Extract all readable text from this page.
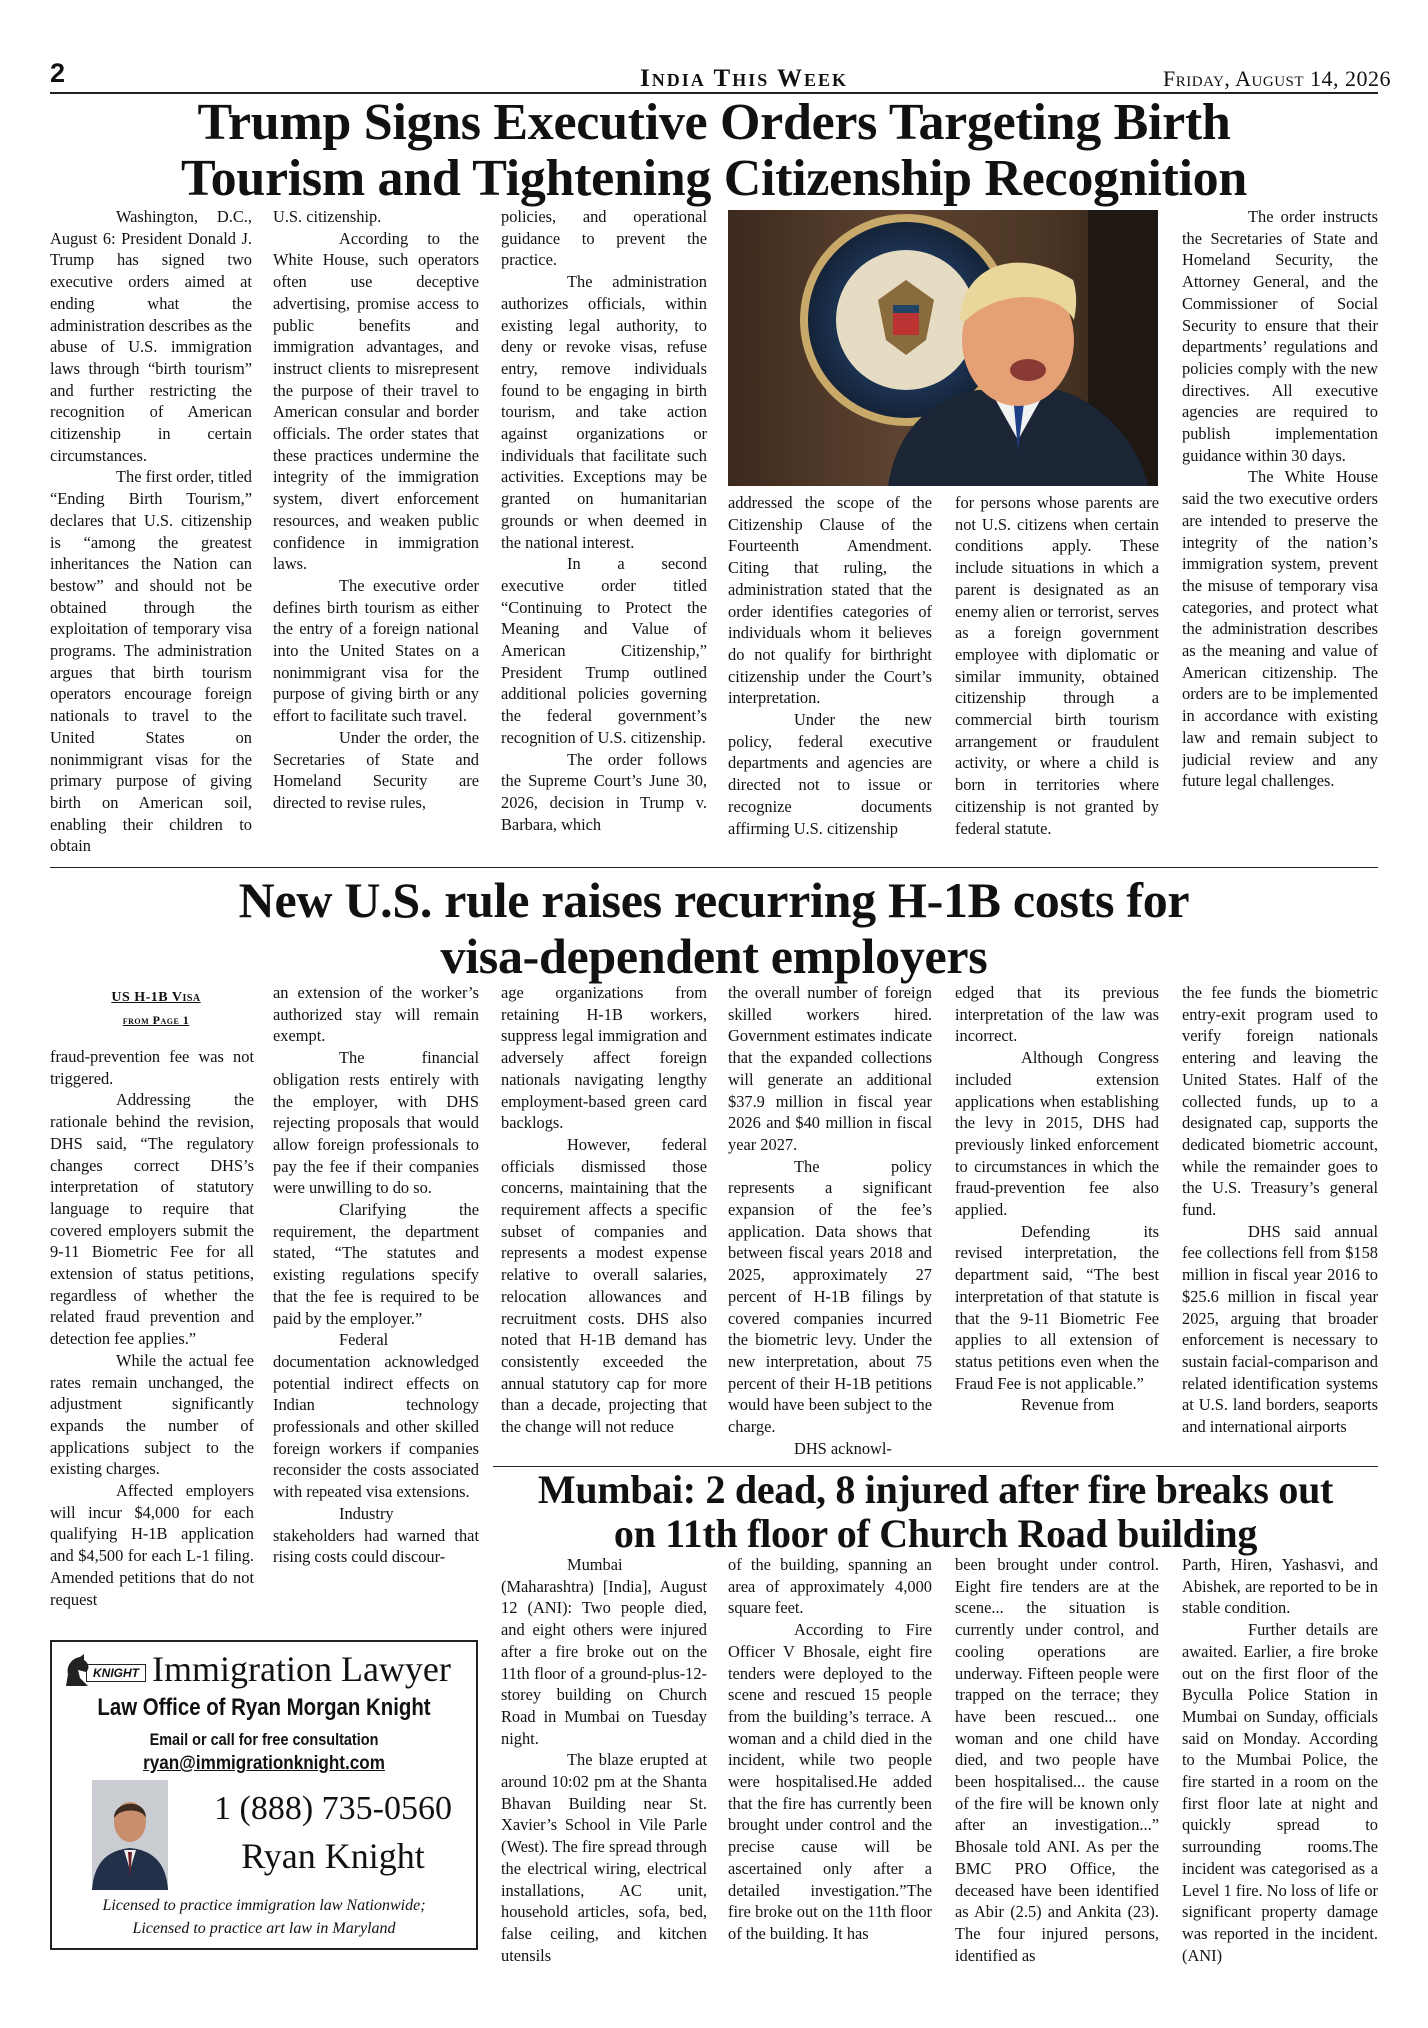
2	India This Week	Friday, August 14, 2026
Trump Signs Executive Orders Targeting Birth
Tourism and Tightening Citizenship Recognition

Washington, D.C., August 6: President Donald J. Trump has signed two executive orders aimed at ending what the administration describes as the abuse of U.S. immigration laws through “birth tourism” and further restricting the recognition of American citizenship in certain circumstances.

The first order, titled “Ending Birth Tourism,” declares that U.S. citizenship is “among the greatest inheritances the Nation can bestow” and should not be obtained through the exploitation of temporary visa programs. The administration argues that birth tourism operators encourage foreign nationals to travel to the United States on nonimmigrant visas for the primary purpose of giving birth on American soil, enabling their children to obtain

U.S. citizenship.

According to the White House, such operators often use deceptive advertising, promise access to public benefits and immigration advantages, and instruct clients to misrepresent the purpose of their travel to American consular and border officials. The order states that these practices undermine the integrity of the immigration system, divert enforcement resources, and weaken public confidence in immigration laws.

The executive order defines birth tourism as either the entry of a foreign national into the United States on a nonimmigrant visa for the purpose of giving birth or any effort to facilitate such travel.

Under the order, the Secretaries of State and Homeland Security are directed to revise rules,

policies, and operational guidance to prevent the practice.

The administration authorizes officials, within existing legal authority, to deny or revoke visas, refuse entry, remove individuals found to be engaging in birth tourism, and take action against organizations or individuals that facilitate such activities. Exceptions may be granted on humanitarian grounds or when deemed in the national interest.

In a second executive order titled “Continuing to Protect the Meaning and Value of American Citizenship,” President Trump outlined additional policies governing the federal government’s recognition of U.S. citizenship.

The order follows the Supreme Court’s June 30, 2026, decision in Trump v. Barbara, which

addressed the scope of the Citizenship Clause of the Fourteenth Amendment. Citing that ruling, the administration stated that the order identifies categories of individuals whom it believes do not qualify for birthright citizenship under the Court’s interpretation.

Under the new policy, federal executive departments and agencies are directed not to issue or recognize documents affirming U.S. citizenship

for persons whose parents are not U.S. citizens when certain conditions apply. These include situations in which a parent is designated as an enemy alien or terrorist, serves as a foreign government employee with diplomatic or similar immunity, obtained citizenship through a commercial birth tourism arrangement or fraudulent activity, or where a child is born in territories where citizenship is not granted by federal statute.

The order instructs the Secretaries of State and Homeland Security, the Attorney General, and the Commissioner of Social Security to ensure that their departments’ regulations and policies comply with the new directives. All executive agencies are required to publish implementation guidance within 30 days.

The White House said the two executive orders are intended to preserve the integrity of the nation’s immigration system, prevent the misuse of temporary visa categories, and protect what the administration describes as the meaning and value of American citizenship. The orders are to be implemented in accordance with existing law and remain subject to judicial review and any future legal challenges.

New U.S. rule raises recurring H-1B costs for
visa-dependent employers
US H-1B Visa
from Page 1

fraud-prevention fee was not triggered.

Addressing the rationale behind the revision, DHS said, “The regulatory changes correct DHS’s interpretation of statutory language to require that covered employers submit the 9-11 Biometric Fee for all extension of status petitions, regardless of whether the related fraud prevention and detection fee applies.”

While the actual fee rates remain unchanged, the adjustment significantly expands the number of applications subject to the existing charges.

Affected employers will incur $4,000 for each qualifying H-1B application and $4,500 for each L-1 filing. Amended petitions that do not request

an extension of the worker’s authorized stay will remain exempt.

The financial obligation rests entirely with the employer, with DHS rejecting proposals that would allow foreign professionals to pay the fee if their companies were unwilling to do so.

Clarifying the requirement, the department stated, “The statutes and existing regulations specify that the fee is required to be paid by the employer.”

Federal documentation acknowledged potential indirect effects on Indian technology professionals and other skilled foreign workers if companies reconsider the costs associated with repeated visa extensions.

Industry stakeholders had warned that rising costs could discour-

age organizations from retaining H-1B workers, suppress legal immigration and adversely affect foreign nationals navigating lengthy employment-based green card backlogs.

However, federal officials dismissed those concerns, maintaining that the requirement affects a specific subset of companies and represents a modest expense relative to overall salaries, relocation allowances and recruitment costs. DHS also noted that H-1B demand has consistently exceeded the annual statutory cap for more than a decade, projecting that the change will not reduce

the overall number of foreign skilled workers hired. Government estimates indicate that the expanded collections will generate an additional $37.9 million in fiscal year 2026 and $40 million in fiscal year 2027.

The policy represents a significant expansion of the fee’s application. Data shows that between fiscal years 2018 and 2025, approximately 27 percent of H-1B filings by covered companies incurred the biometric levy. Under the new interpretation, about 75 percent of their H-1B petitions would have been subject to the charge.

DHS acknowl-

edged that its previous interpretation of the law was incorrect.

Although Congress included extension applications when establishing the levy in 2015, DHS had previously linked enforcement to circumstances in which the fraud-prevention fee also applied.

Defending its revised interpretation, the department said, “The best interpretation of that statute is that the 9-11 Biometric Fee applies to all extension of status petitions even when the Fraud Fee is not applicable.”

Revenue from

the fee funds the biometric entry-exit program used to verify foreign nationals entering and leaving the United States. Half of the collected funds, up to a designated cap, supports the dedicated biometric account, while the remainder goes to the U.S. Treasury’s general fund.

DHS said annual fee collections fell from $158 million in fiscal year 2016 to $25.6 million in fiscal year 2025, arguing that broader enforcement is necessary to sustain facial-comparison and related identification systems at U.S. land borders, seaports and international airports

Mumbai: 2 dead, 8 injured after fire breaks out
on 11th floor of Church Road building

Mumbai (Maharashtra) [India], August 12 (ANI): Two people died, and eight others were injured after a fire broke out on the 11th floor of a ground-plus-12-storey building on Church Road in Mumbai on Tuesday night.

The blaze erupted at around 10:02 pm at the Shanta Bhavan Building near St. Xavier’s School in Vile Parle (West). The fire spread through the electrical wiring, electrical installations, AC unit, household articles, sofa, bed, false ceiling, and kitchen utensils

of the building, spanning an area of approximately 4,000 square feet.

According to Fire Officer V Bhosale, eight fire tenders were deployed to the scene and rescued 15 people from the building’s terrace. A woman and a child died in the incident, while two people were hospitalised.He added that the fire has currently been brought under control and the precise cause will be ascertained only after a detailed investigation.”The fire broke out on the 11th floor of the building. It has

been brought under control. Eight fire tenders are at the scene... the situation is currently under control, and cooling operations are underway. Fifteen people were trapped on the terrace; they have been rescued... one woman and one child have died, and two people have been hospitalised... the cause of the fire will be known only after an investigation...” Bhosale told ANI. As per the BMC PRO Office, the deceased have been identified as Abir (2.5) and Ankita (23). The four injured persons, identified as

Parth, Hiren, Yashasvi, and Abishek, are reported to be in stable condition.

Further details are awaited. Earlier, a fire broke out on the first floor of the Byculla Police Station in Mumbai on Sunday, officials said on Monday. According to the Mumbai Police, the fire started in a room on the first floor late at night and quickly spread to surrounding rooms.The incident was categorised as a Level 1 fire. No loss of life or significant property damage was reported in the incident. (ANI)

KNIGHT Immigration Lawyer
Law Office of Ryan Morgan Knight
Email or call for free consultation
ryan@immigrationknight.com
1 (888) 735-0560
Ryan Knight
Licensed to practice immigration law Nationwide;
Licensed to practice art law in Maryland
